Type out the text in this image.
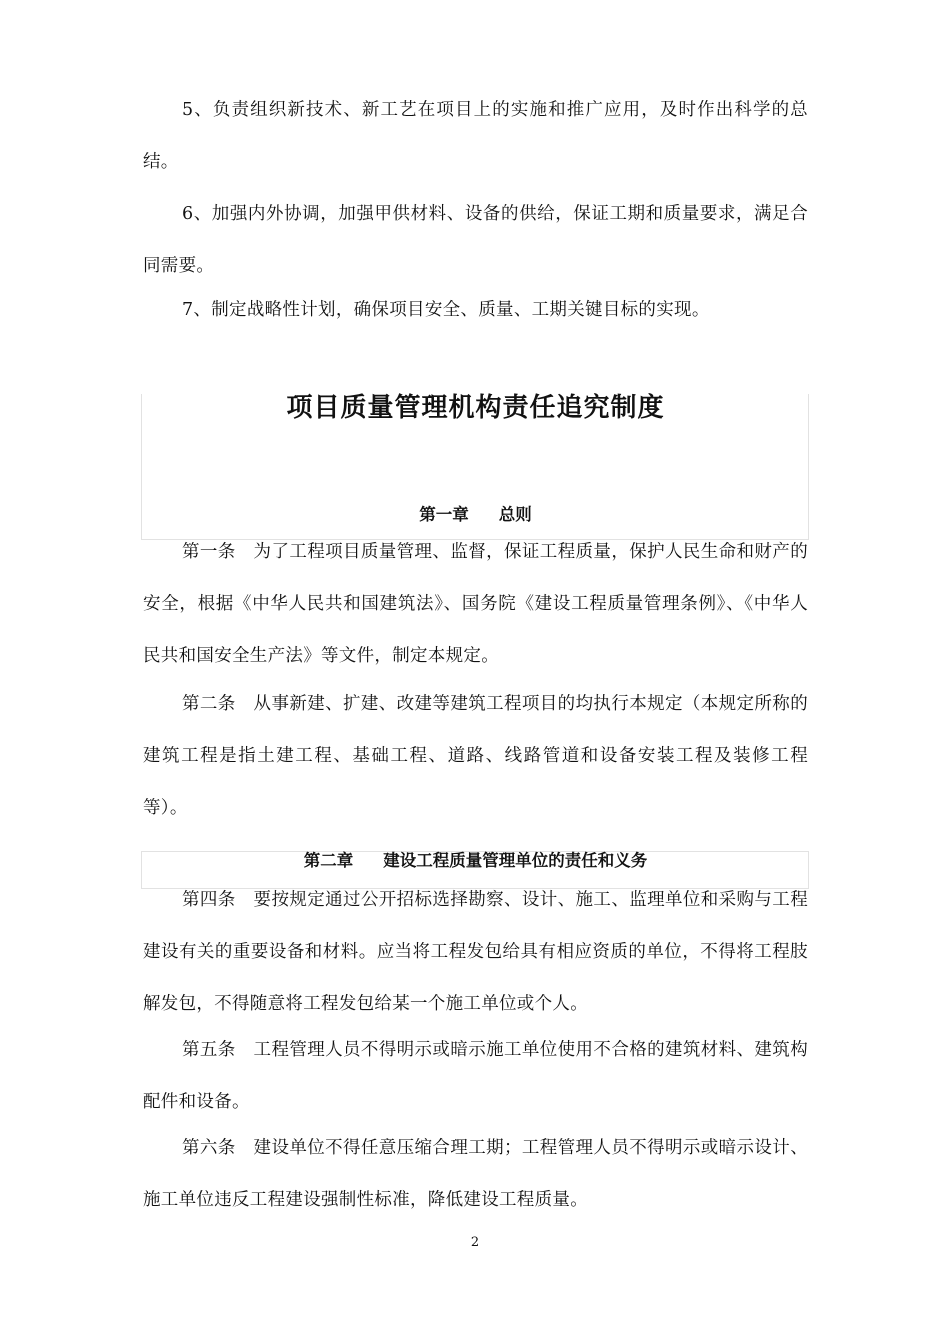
5、负责组织新技术、新工艺在项目上的实施和推广应用，及时作出科学的总结。

6、加强内外协调，加强甲供材料、设备的供给，保证工期和质量要求，满足合同需要。

7、制定战略性计划，确保项目安全、质量、工期关键目标的实现。

项目质量管理机构责任追究制度
第一章 总则

第一条　为了工程项目质量管理、监督，保证工程质量，保护人民生命和财产的安全，根据《中华人民共和国建筑法》、国务院《建设工程质量管理条例》、《中华人民共和国安全生产法》等文件，制定本规定。

第二条　从事新建、扩建、改建等建筑工程项目的均执行本规定（本规定所称的建筑工程是指土建工程、基础工程、道路、线路管道和设备安装工程及装修工程等）。

第二章 建设工程质量管理单位的责任和义务

第四条　要按规定通过公开招标选择勘察、设计、施工、监理单位和采购与工程建设有关的重要设备和材料。应当将工程发包给具有相应资质的单位，不得将工程肢解发包，不得随意将工程发包给某一个施工单位或个人。

第五条　工程管理人员不得明示或暗示施工单位使用不合格的建筑材料、建筑构配件和设备。

第六条　建设单位不得任意压缩合理工期；工程管理人员不得明示或暗示设计、施工单位违反工程建设强制性标准，降低建设工程质量。

2
